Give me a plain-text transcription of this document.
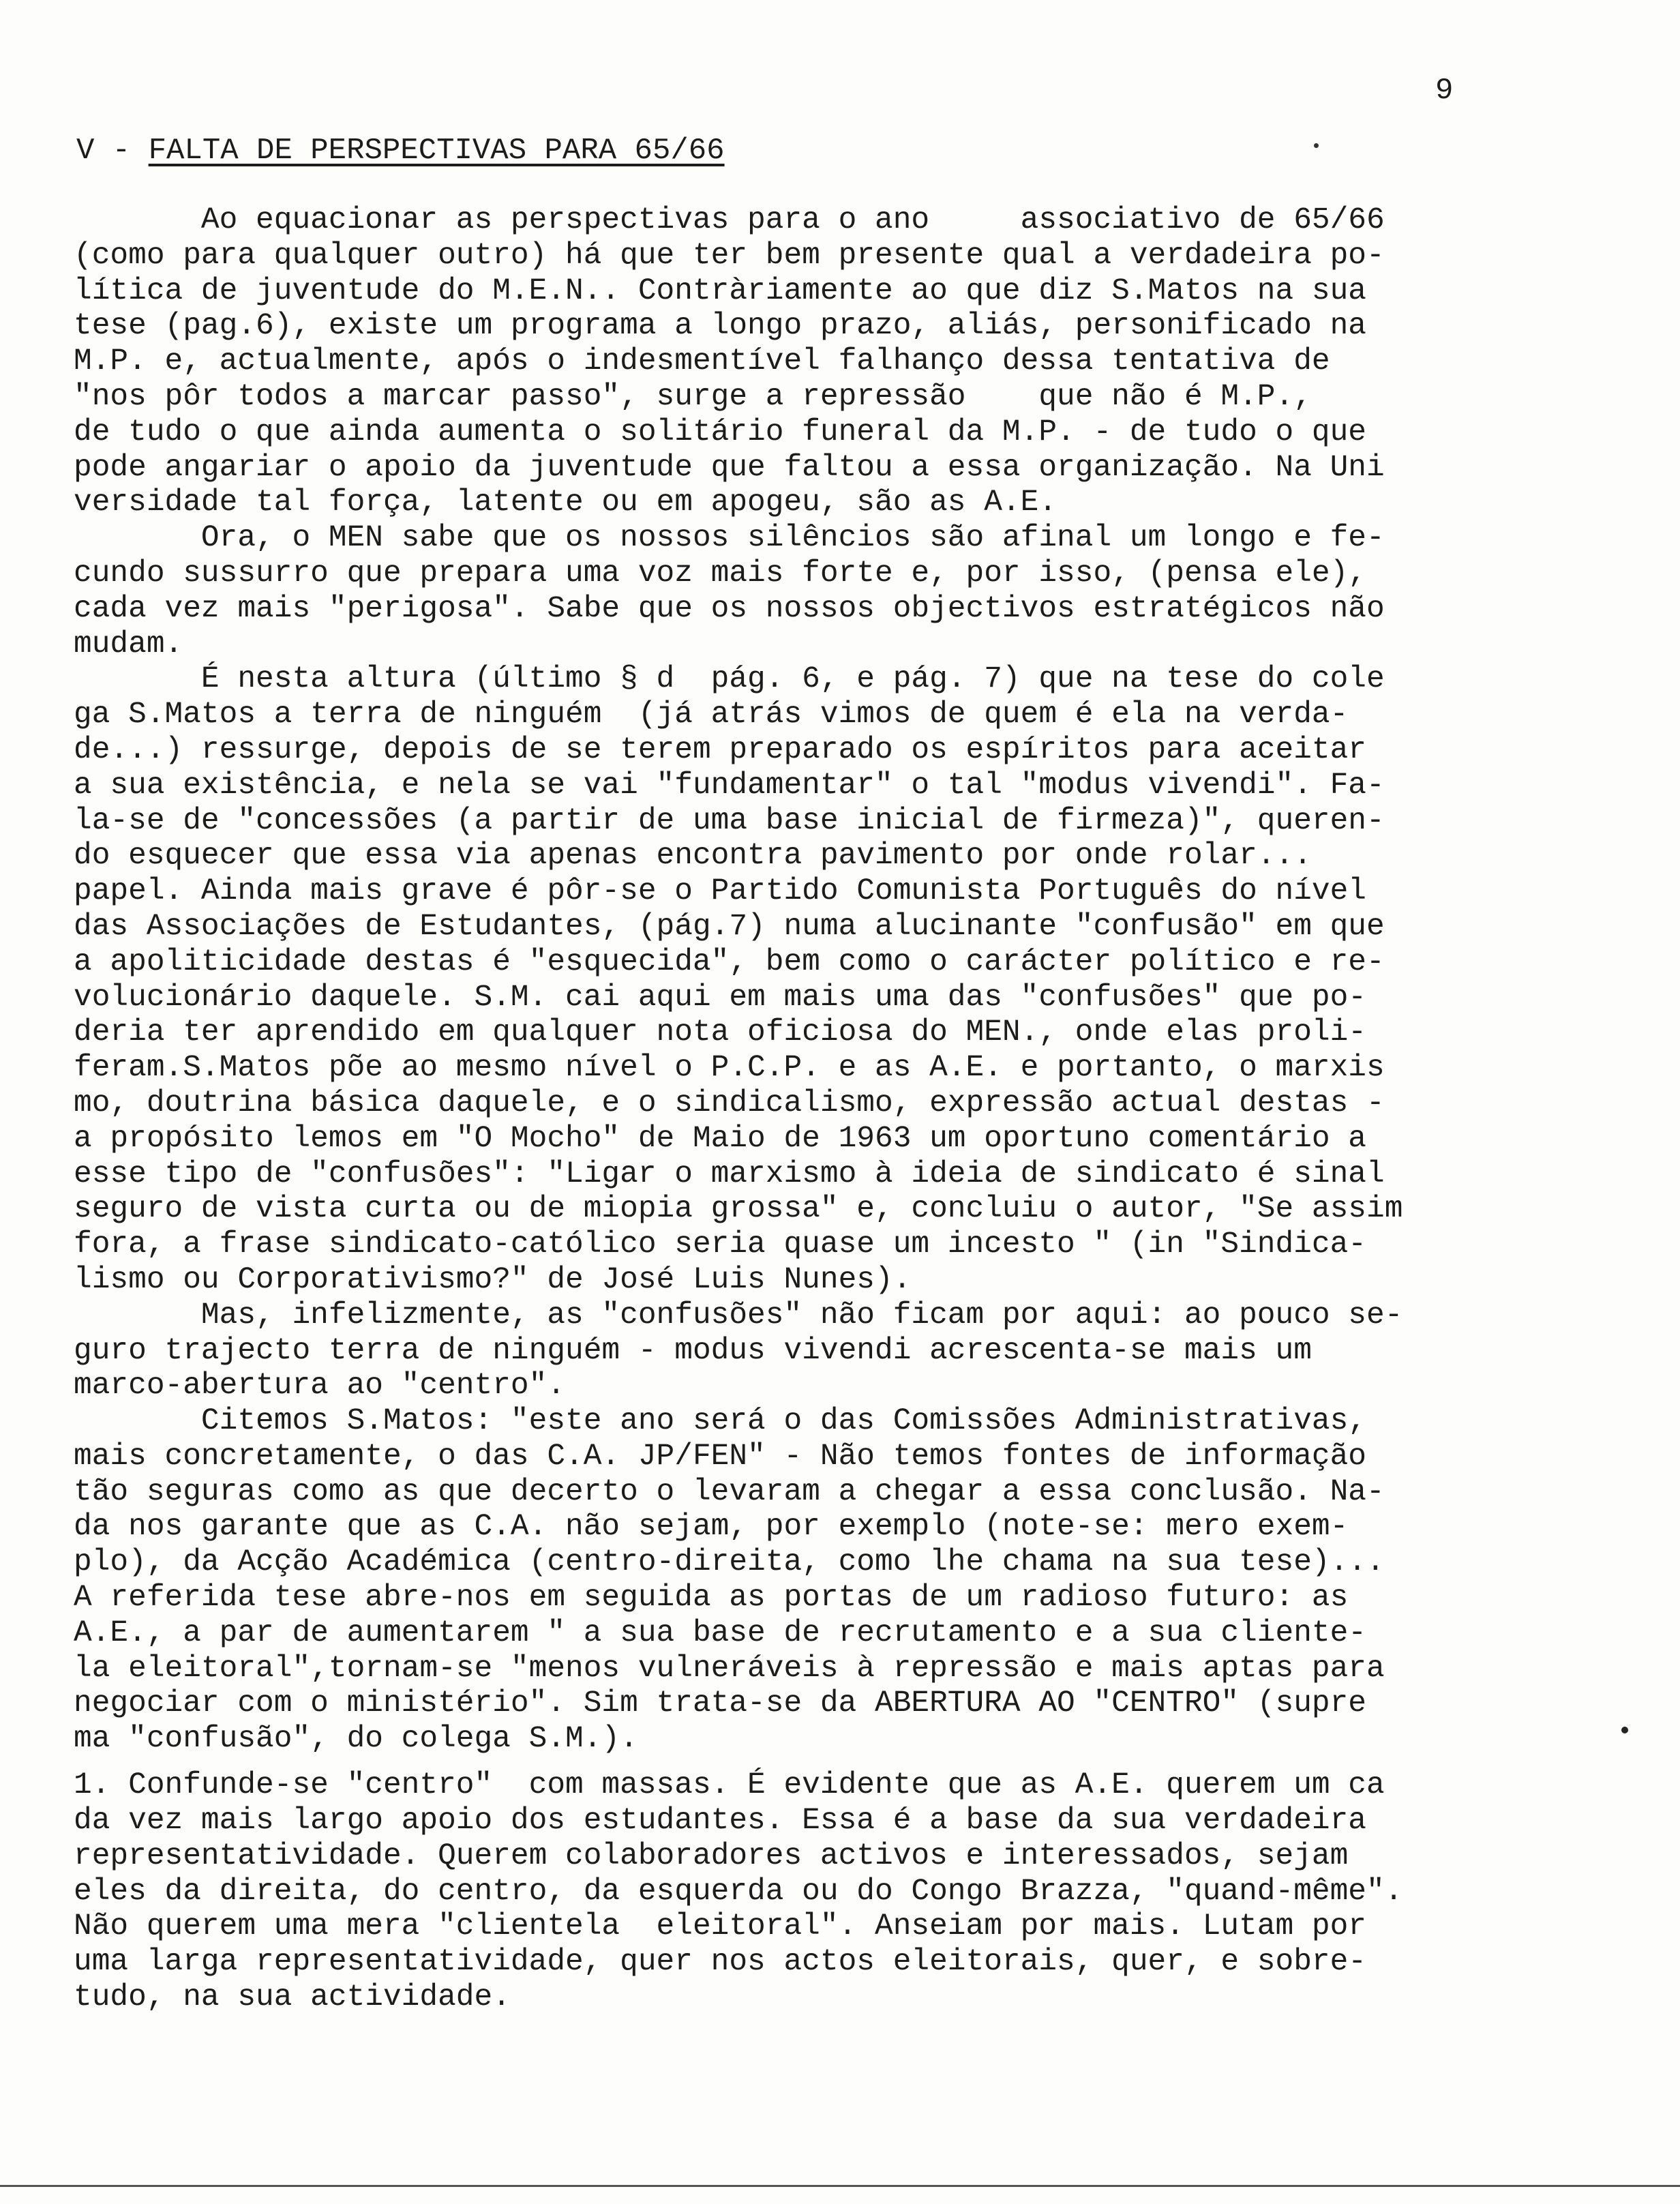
9
V - FALTA DE PERSPECTIVAS PARA 65/66
Ao equacionar as perspectivas para o ano     associativo de 65/66
(como para qualquer outro) há que ter bem presente qual a verdadeira po-
lítica de juventude do M.E.N.. Contràriamente ao que diz S.Matos na sua
tese (pag.6), existe um programa a longo prazo, aliás, personificado na
M.P. e, actualmente, após o indesmentível falhanço dessa tentativa de
"nos pôr todos a marcar passo", surge a repressão    que não é M.P.,
de tudo o que ainda aumenta o solitário funeral da M.P. - de tudo o que
pode angariar o apoio da juventude que faltou a essa organização. Na Uni
versidade tal força, latente ou em apogeu, são as A.E.
Ora, o MEN sabe que os nossos silêncios são afinal um longo e fe-
cundo sussurro que prepara uma voz mais forte e, por isso, (pensa ele),
cada vez mais "perigosa". Sabe que os nossos objectivos estratégicos não
mudam.
É nesta altura (último § d  pág. 6, e pág. 7) que na tese do cole
ga S.Matos a terra de ninguém  (já atrás vimos de quem é ela na verda-
de...) ressurge, depois de se terem preparado os espíritos para aceitar
a sua existência, e nela se vai "fundamentar" o tal "modus vivendi". Fa-
la-se de "concessões (a partir de uma base inicial de firmeza)", queren-
do esquecer que essa via apenas encontra pavimento por onde rolar...
papel. Ainda mais grave é pôr-se o Partido Comunista Português do nível
das Associações de Estudantes, (pág.7) numa alucinante "confusão" em que
a apoliticidade destas é "esquecida", bem como o carácter político e re-
volucionário daquele. S.M. cai aqui em mais uma das "confusões" que po-
deria ter aprendido em qualquer nota oficiosa do MEN., onde elas proli-
feram.S.Matos põe ao mesmo nível o P.C.P. e as A.E. e portanto, o marxis
mo, doutrina básica daquele, e o sindicalismo, expressão actual destas -
a propósito lemos em "O Mocho" de Maio de 1963 um oportuno comentário a
esse tipo de "confusões": "Ligar o marxismo à ideia de sindicato é sinal
seguro de vista curta ou de miopia grossa" e, concluiu o autor, "Se assim
fora, a frase sindicato-católico seria quase um incesto " (in "Sindica-
lismo ou Corporativismo?" de José Luis Nunes).
Mas, infelizmente, as "confusões" não ficam por aqui: ao pouco se-
guro trajecto terra de ninguém - modus vivendi acrescenta-se mais um
marco-abertura ao "centro".
Citemos S.Matos: "este ano será o das Comissões Administrativas,
mais concretamente, o das C.A. JP/FEN" - Não temos fontes de informação
tão seguras como as que decerto o levaram a chegar a essa conclusão. Na-
da nos garante que as C.A. não sejam, por exemplo (note-se: mero exem-
plo), da Acção Académica (centro-direita, como lhe chama na sua tese)...
A referida tese abre-nos em seguida as portas de um radioso futuro: as
A.E., a par de aumentarem " a sua base de recrutamento e a sua cliente-
la eleitoral",tornam-se "menos vulneráveis à repressão e mais aptas para
negociar com o ministério". Sim trata-se da ABERTURA AO "CENTRO" (supre
ma "confusão", do colega S.M.).
1. Confunde-se "centro"  com massas. É evidente que as A.E. querem um ca
da vez mais largo apoio dos estudantes. Essa é a base da sua verdadeira
representatividade. Querem colaboradores activos e interessados, sejam
eles da direita, do centro, da esquerda ou do Congo Brazza, "quand-même".
Não querem uma mera "clientela  eleitoral". Anseiam por mais. Lutam por
uma larga representatividade, quer nos actos eleitorais, quer, e sobre-
tudo, na sua actividade.
